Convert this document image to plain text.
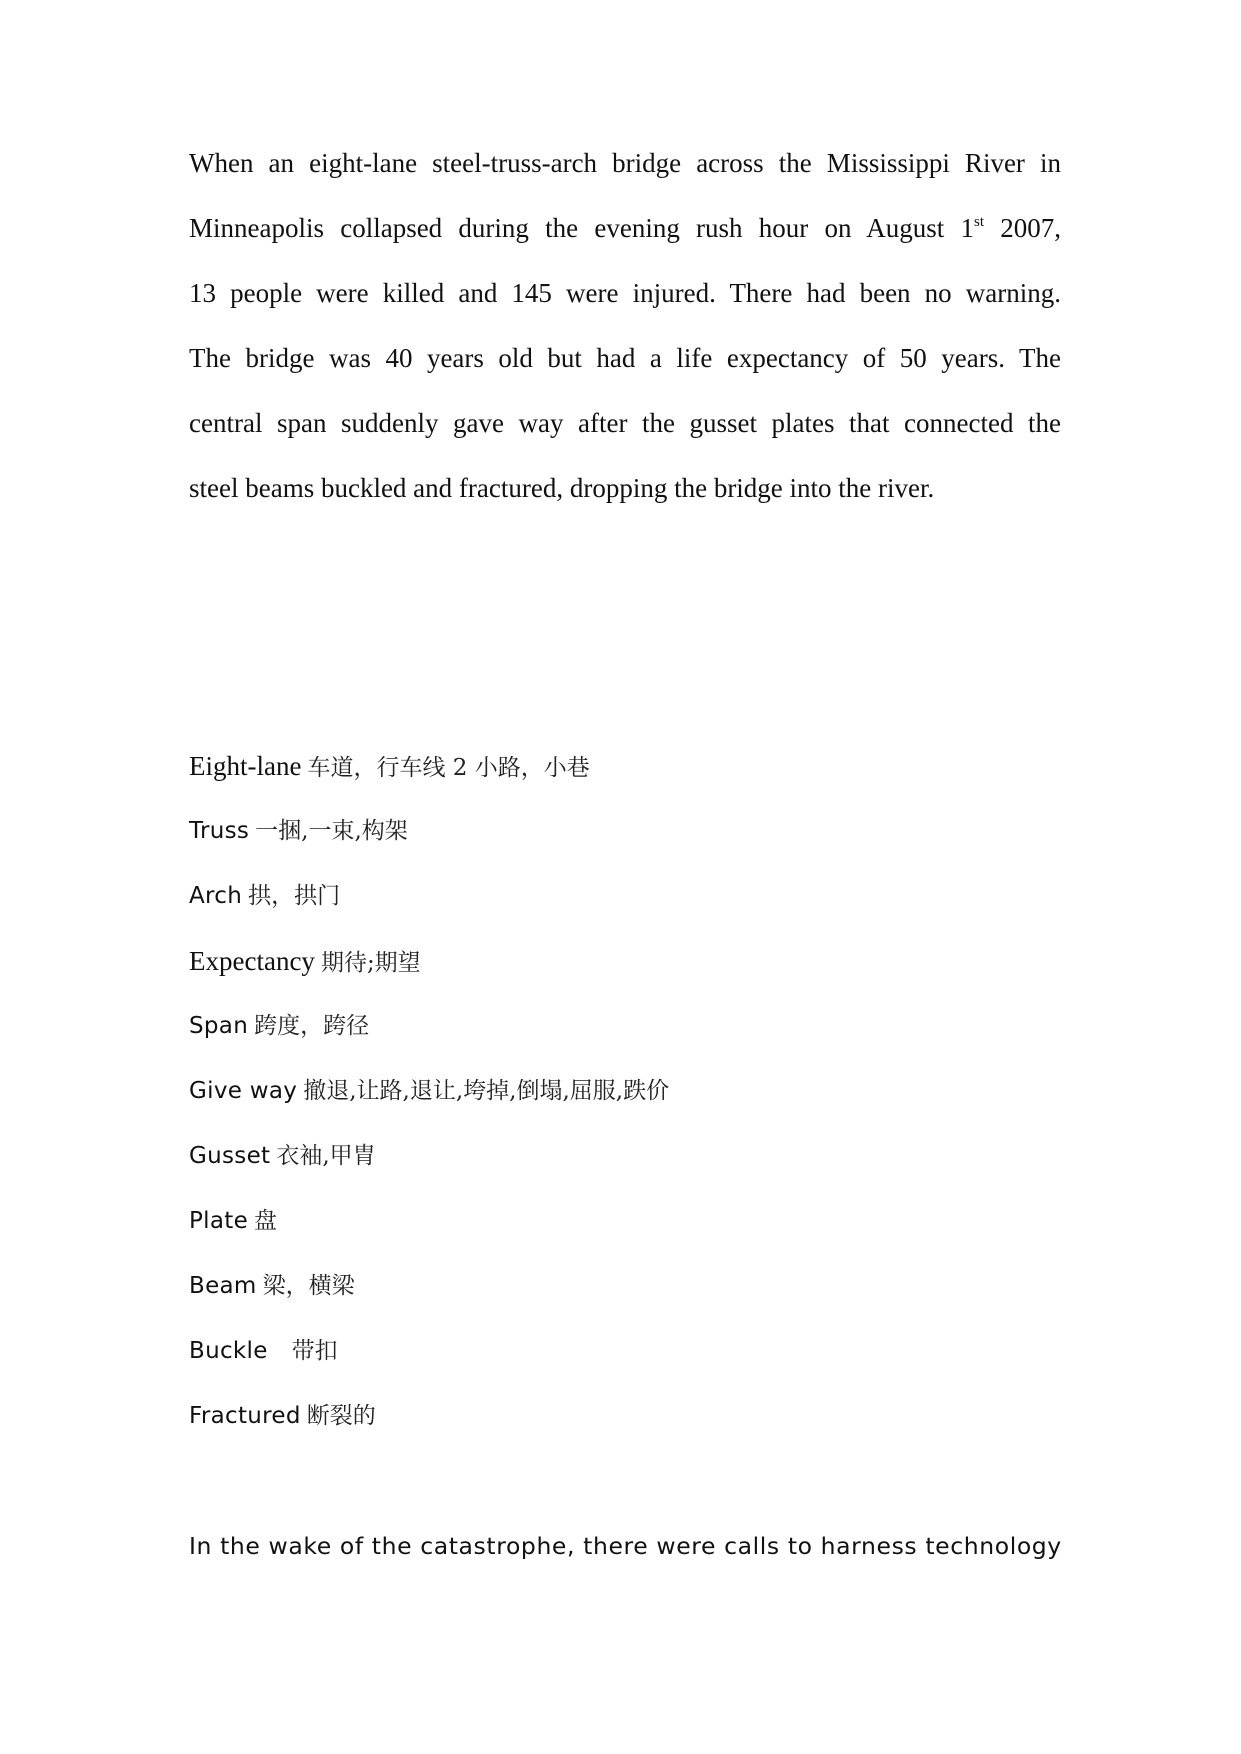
When an eight-lane steel-truss-arch bridge across the Mississippi River in
Minneapolis collapsed during the evening rush hour on August 1st 2007,
13 people were killed and 145 were injured. There had been no warning.
The bridge was 40 years old but had a life expectancy of 50 years. The
central span suddenly gave way after the gusset plates that connected the
steel beams buckled and fractured, dropping the bridge into the river.
Eight-lane 车道，行车线 2 小路，小巷
Truss 一捆,一束,构架
Arch 拱，拱门
Expectancy 期待;期望
Span 跨度，跨径
Give way 撤退,让路,退让,垮掉,倒塌,屈服,跌价
Gusset 衣袖,甲胄
Plate 盘
Beam 梁，横梁
Buckle 带扣
Fractured 断裂的

In the wake of the catastrophe, there were calls to harness technology
